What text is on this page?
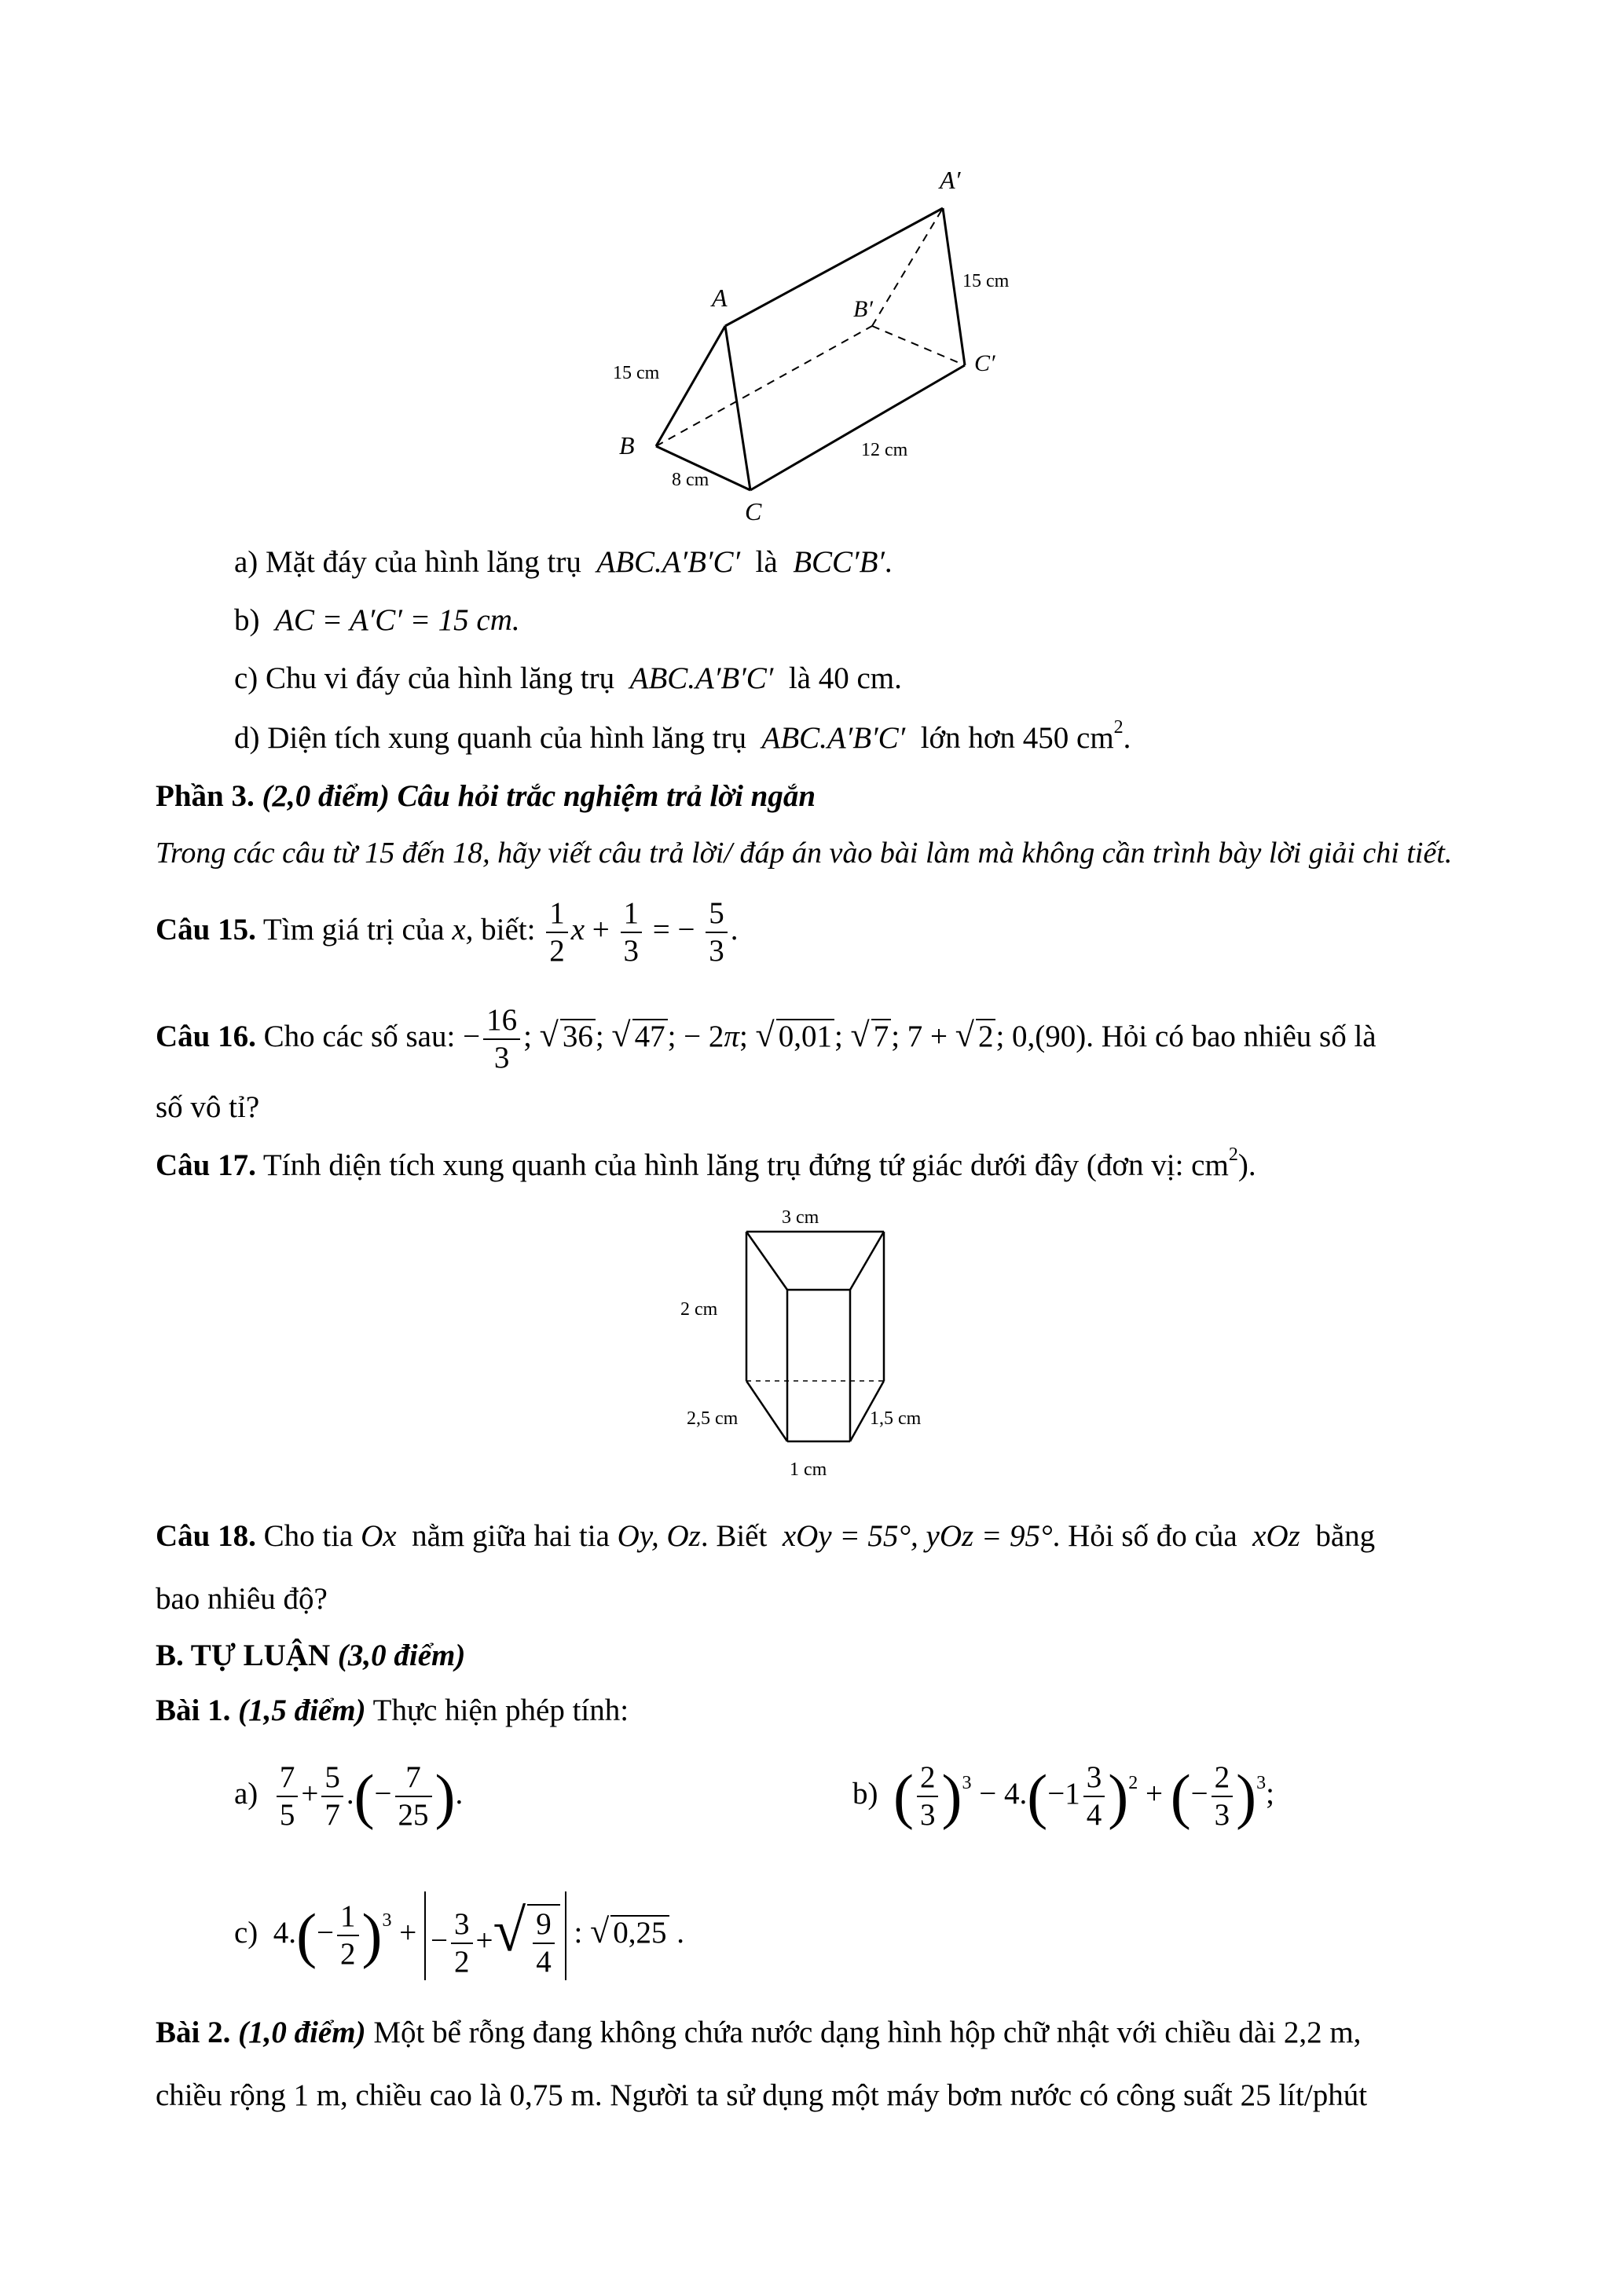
A′
A	B′
C′
B
C
15 cm
8 cm
12 cm
15 cm
a) Mặt đáy của hình lăng trụ ABC.A′B′C′ là BCC′B′.
b) AC = A′C′ = 15 cm.
c) Chu vi đáy của hình lăng trụ ABC.A′B′C′ là 40 cm.
d) Diện tích xung quanh của hình lăng trụ ABC.A′B′C′ lớn hơn 450 $cm^2$.
Phần 3. (2,0 điểm) Câu hỏi trắc nghiệm trả lời ngắn
Trong các câu từ 15 đến 18, hãy viết câu trả lời/ đáp án vào bài làm mà không cần trình bày lời giải chi tiết.
Câu 15. Tìm giá trị của x, biết: $\frac{1}{2}$ $x + \frac{1}{3}$ = − $\frac{5}{3}$ .
Câu 16. Cho các số sau: − $\frac{16}{3}$ ; √ 36; √ 47; − 2π; √ 0,01; √ 7; 7 + √ 2; 0,(90). Hỏi có bao nhiêu số là
số vô tỉ?
Câu 17. Tính diện tích xung quanh của hình lăng trụ đứng tứ giác dưới đây (đơn vị: $cm^2$).
3 cm
2 cm
2,5 cm	1,5 cm
1 cm
Câu 18. Cho tia Ox nằm giữa hai tia Oy, Oz. Biết xOy = 55°, yOz = 95°. Hỏi số đo của xOz bằng
bao nhiêu độ?
B. TỰ LUẬN (3,0 điểm)
Bài 1. (1,5 điểm) Thực hiện phép tính:
$a) \frac{7}{5} + \frac{5}{7}$ .(− $\frac{7}{25}$ ).	b)  ( $\frac{2}{3} )^3 - 4.(-1 \frac{3}{4} )^2$ + (− $\frac{2}{3} )^3$;
c)  $4.(- \frac{1}{2} )^3$ + − $\frac{3}{2}$ +√ $\frac{9}{4}$ : √ 0,25 .
Bài 2. (1,0 điểm) Một bể rỗng đang không chứa nước dạng hình hộp chữ nhật với chiều dài 2,2 m,
chiều rộng 1 m, chiều cao là 0,75 m. Người ta sử dụng một máy bơm nước có công suất 25 lít/phút
